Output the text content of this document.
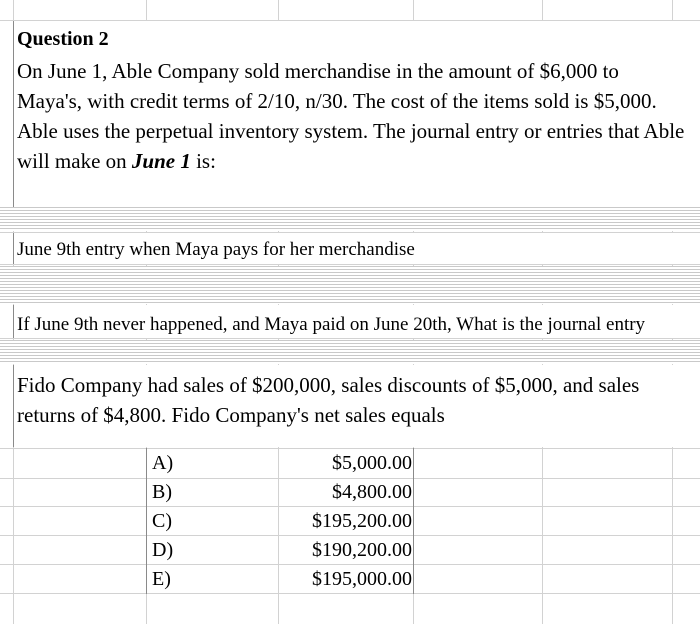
Question 2
On June 1, Able Company sold merchandise in the amount of $6,000 to Maya's, with credit terms of 2/10, n/30. The cost of the items sold is $5,000. Able uses the perpetual inventory system. The journal entry or entries that Able will make on June 1 is:
June 9th entry when Maya pays for her merchandise
If June 9th never happened, and Maya paid on June 20th, What is the journal entry
Fido Company had sales of $200,000, sales discounts of $5,000, and sales returns of $4,800. Fido Company's net sales equals
A)	$5,000.00
B)	$4,800.00
C)	$195,200.00
D)	$190,200.00
E)	$195,000.00
